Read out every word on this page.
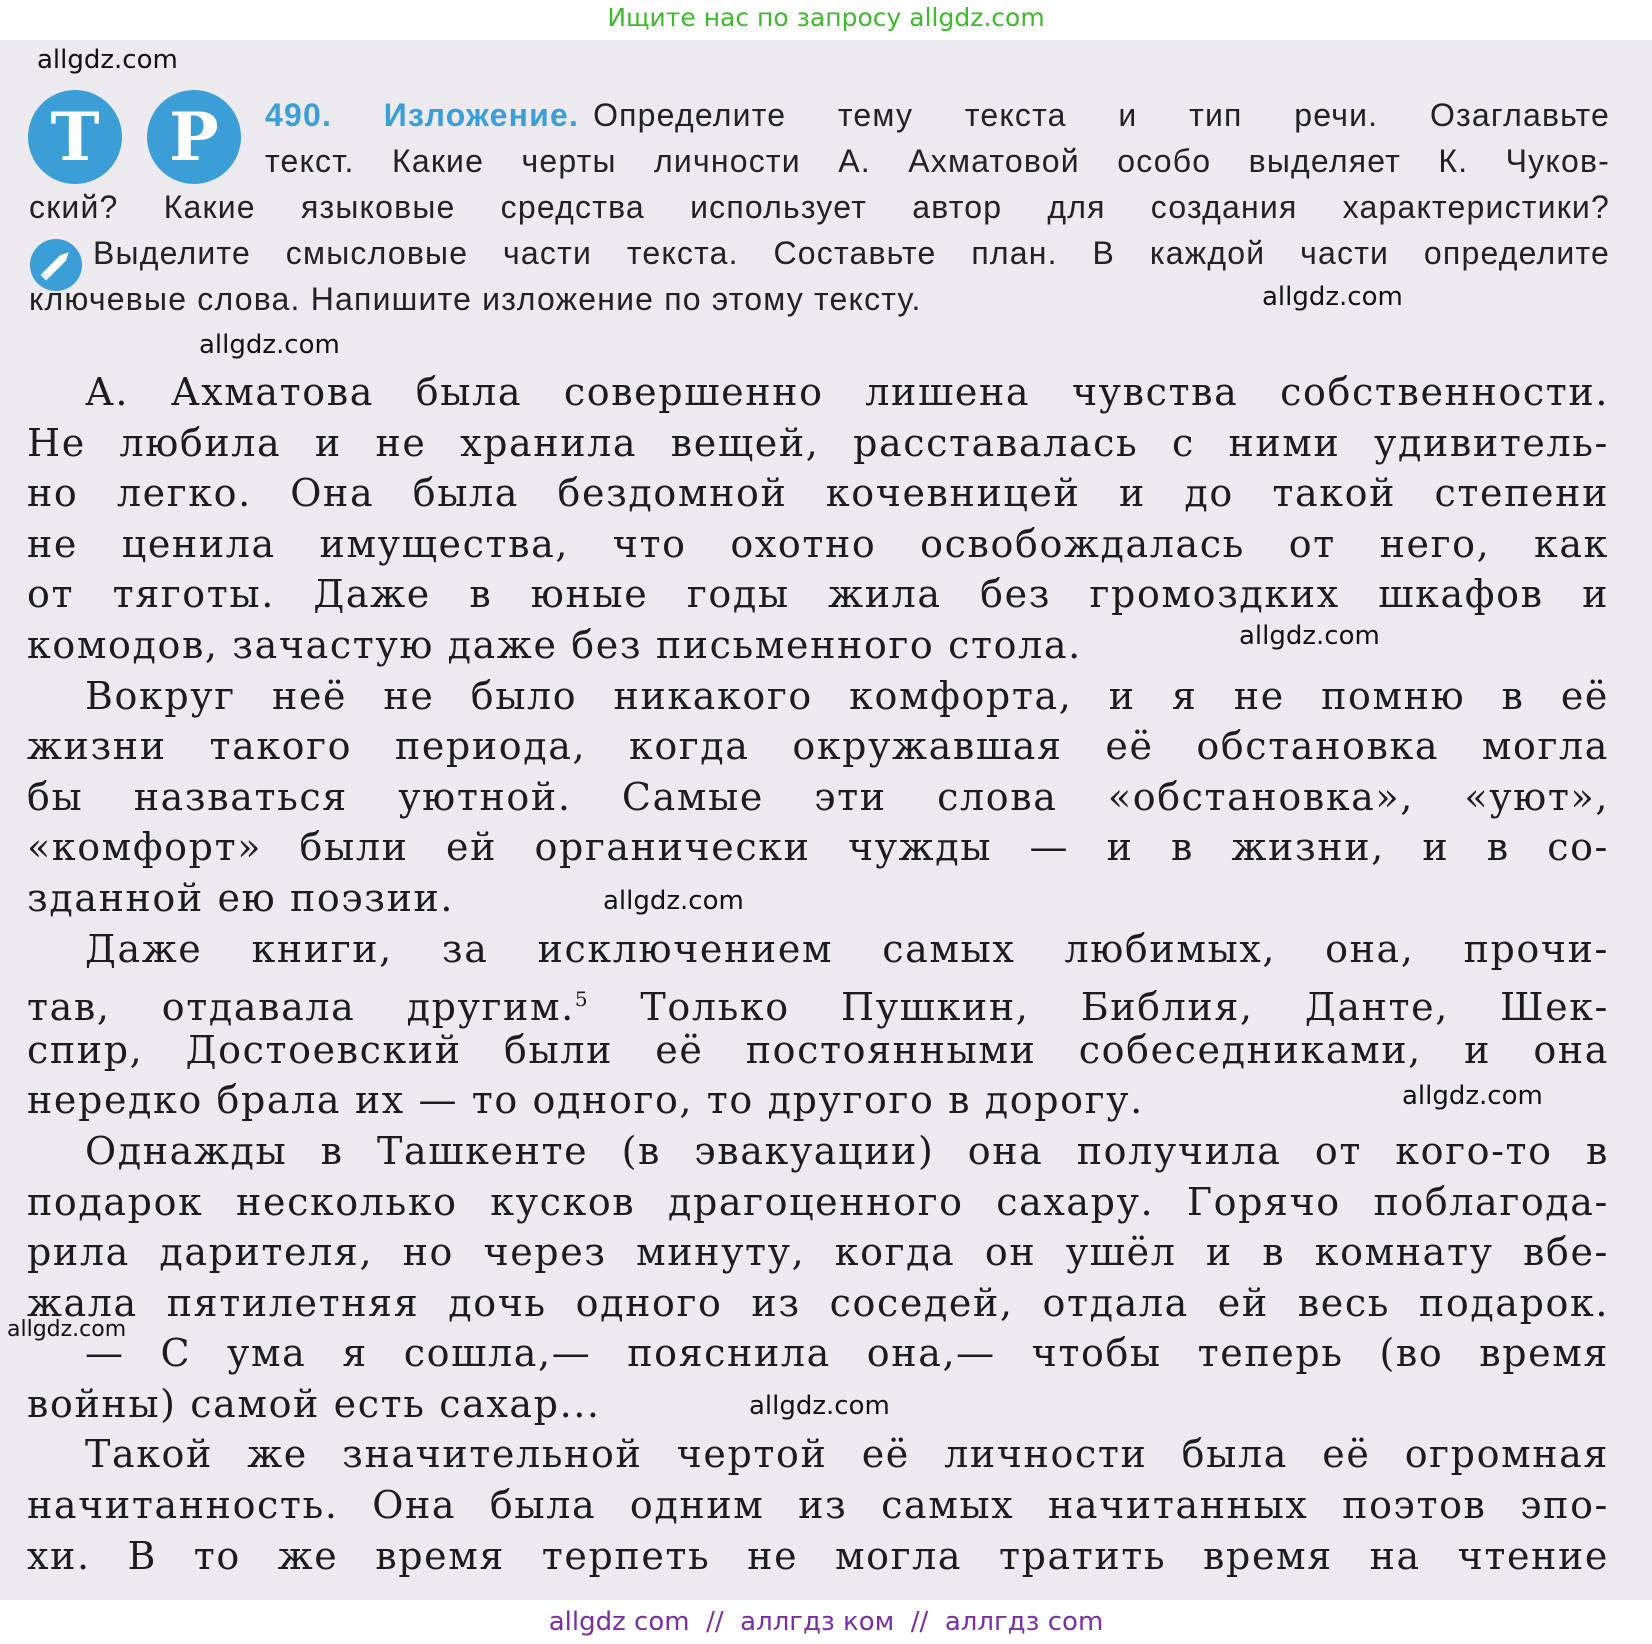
Ищите нас по запросу allgdz.com
Т	Р	490. Изложение. Определите тему текста и тип речи. Озаглавьте
текст. Какие черты личности А. Ахматовой особо выделяет К. Чуков-
ский? Какие языковые средства использует автор для создания характеристики?
Выделите смысловые части текста. Составьте план. В каждой части определите
ключевые слова. Напишите изложение по этому тексту.
А. Ахматова была совершенно лишена чувства собственности.
Не любила и не хранила вещей, расставалась с ними удивитель-
но легко. Она была бездомной кочевницей и до такой степени
не ценила имущества, что охотно освобождалась от него, как
от тяготы. Даже в юные годы жила без громоздких шкафов и
комодов, зачастую даже без письменного стола.
Вокруг неё не было никакого комфорта, и я не помню в её
жизни такого периода, когда окружавшая её обстановка могла
бы назваться уютной. Самые эти слова «обстановка», «уют»,
«комфорт» были ей органически чужды — и в жизни, и в со-
зданной ею поэзии.
Даже книги, за исключением самых любимых, она, прочи-
тав, отдавала другим.$^5$ Только Пушкин, Библия, Данте, Шек-
спир, Достоевский были её постоянными собеседниками, и она
нередко брала их — то одного, то другого в дорогу.
Однажды в Ташкенте (в эвакуации) она получила от кого-то в
подарок несколько кусков драгоценного сахару. Горячо поблагода-
рила дарителя, но через минуту, когда он ушёл и в комнату вбе-
жала пятилетняя дочь одного из соседей, отдала ей весь подарок.
— С ума я сошла,— пояснила она,— чтобы теперь (во время
войны) самой есть сахар...
Такой же значительной чертой её личности была её огромная
начитанность. Она была одним из самых начитанных поэтов эпо-
хи. В то же время терпеть не могла тратить время на чтение
allgdz.com
allgdz.com
allgdz.com
allgdz.com
allgdz.com
allgdz.com
allgdz.com
allgdz.com
allgdz com  //  аллгдз ком  //  аллгдз com
